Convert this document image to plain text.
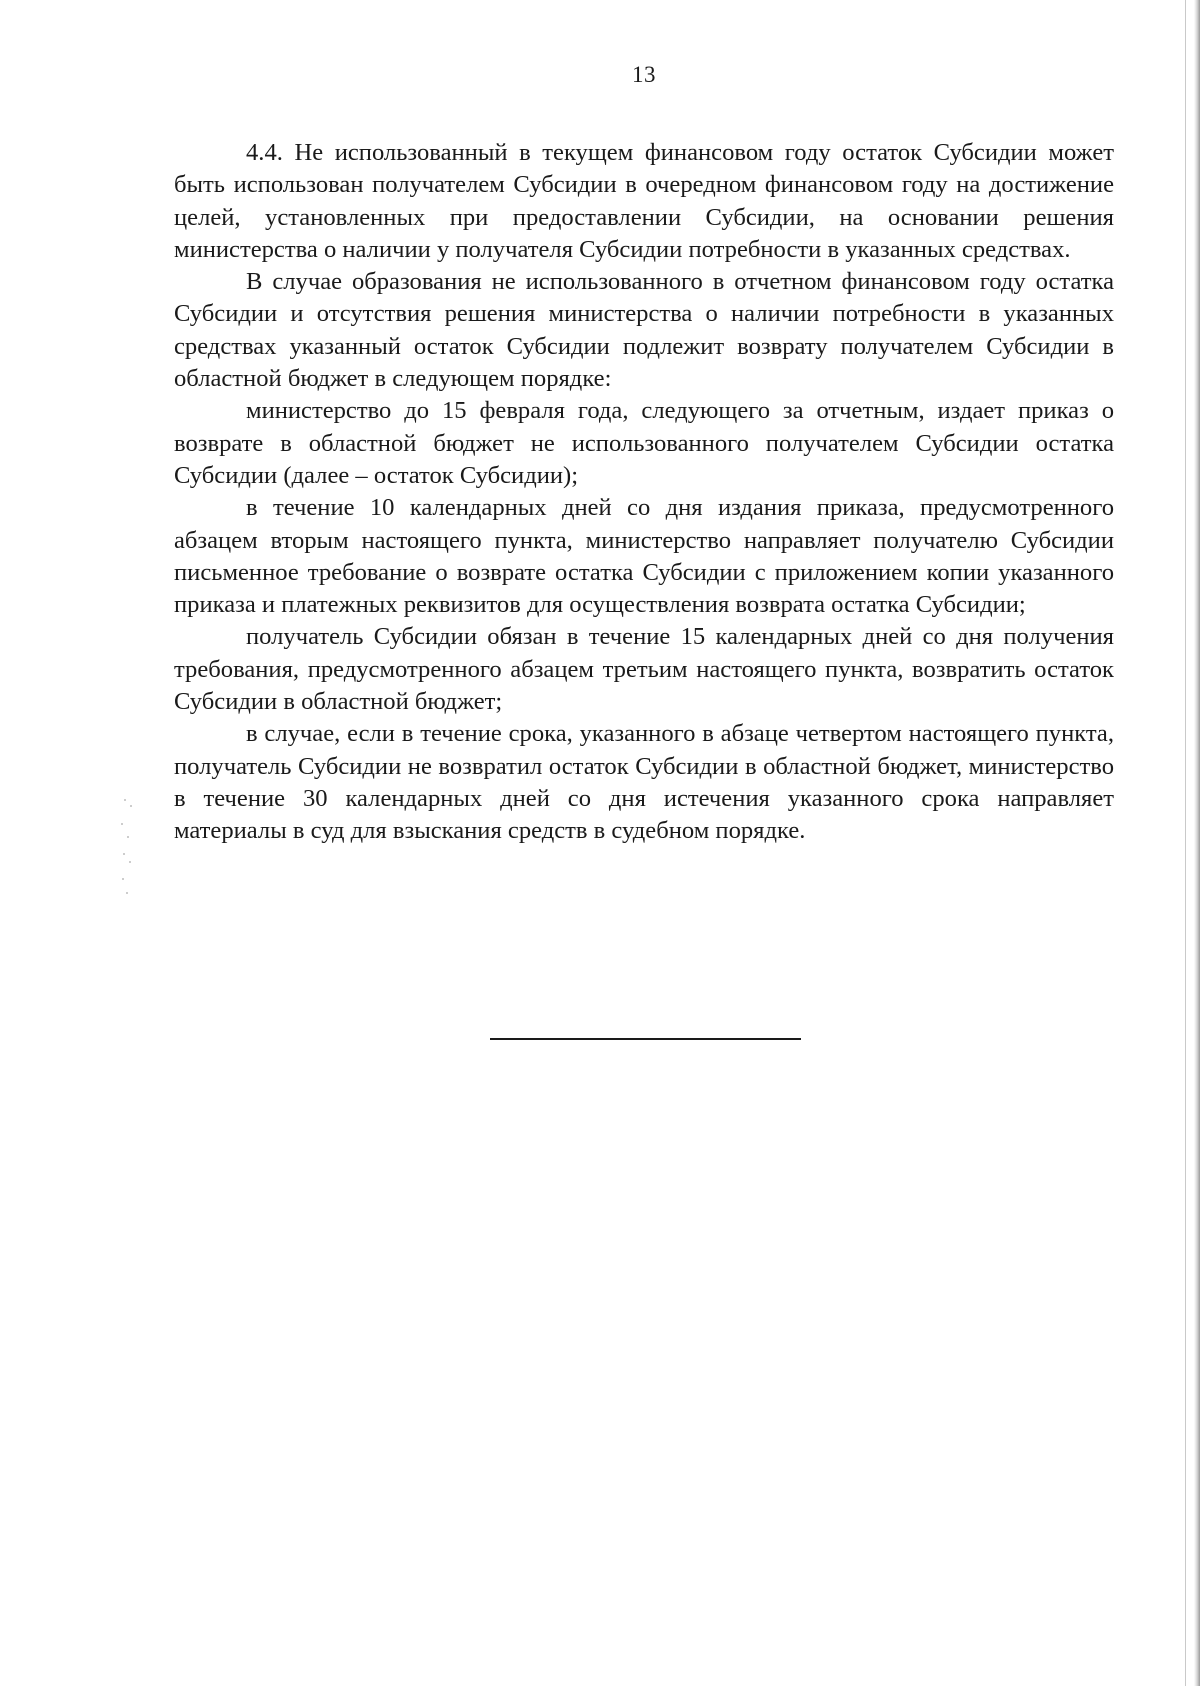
13

4.4. Не использованный в текущем финансовом году остаток Субсидии может быть использован получателем Субсидии в очередном финансовом году на достижение целей, установленных при предоставлении Субсидии, на основании решения министерства о наличии у получателя Субсидии потребности в указанных средствах.

В случае образования не использованного в отчетном финансовом году остатка Субсидии и отсутствия решения министерства о наличии потребности в указанных средствах указанный остаток Субсидии подлежит возврату получателем Субсидии в областной бюджет в следующем порядке:

министерство до 15 февраля года, следующего за отчетным, издает приказ о возврате в областной бюджет не использованного получателем Субсидии остатка Субсидии (далее – остаток Субсидии);

в течение 10 календарных дней со дня издания приказа, предусмотренного абзацем вторым настоящего пункта, министерство направляет получателю Субсидии письменное требование о возврате остатка Субсидии с приложением копии указанного приказа и платежных реквизитов для осуществления возврата остатка Субсидии;

получатель Субсидии обязан в течение 15 календарных дней со дня получения требования, предусмотренного абзацем третьим настоящего пункта, возвратить остаток Субсидии в областной бюджет;

в случае, если в течение срока, указанного в абзаце четвертом настоящего пункта, получатель Субсидии не возвратил остаток Субсидии в областной бюджет, министерство в течение 30 календарных дней со дня истечения указанного срока направляет материалы в суд для взыскания средств в судебном порядке.
